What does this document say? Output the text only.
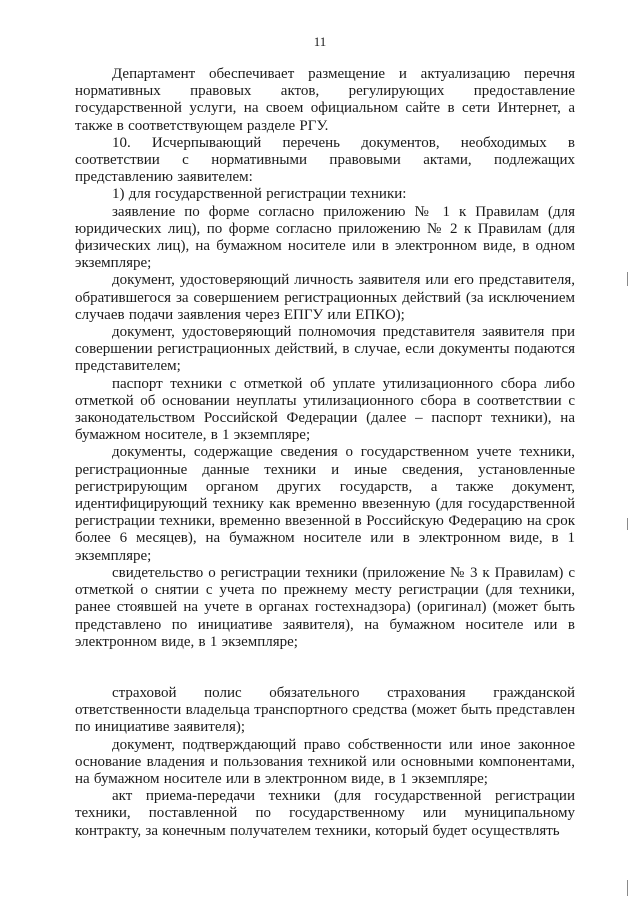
11

Департамент обеспечивает размещение и актуализацию перечня нормативных правовых актов, регулирующих предоставление государственной услуги, на своем официальном сайте в сети Интернет, а также в соответствующем разделе РГУ.

10. Исчерпывающий перечень документов, необходимых в соответствии с нормативными правовыми актами, подлежащих представлению заявителем:

1) для государственной регистрации техники:

заявление по форме согласно приложению № 1 к Правилам (для юридических лиц), по форме согласно приложению № 2 к Правилам (для физических лиц), на бумажном носителе или в электронном виде, в одном экземпляре;

документ, удостоверяющий личность заявителя или его представителя, обратившегося за совершением регистрационных действий (за исключением случаев подачи заявления через ЕПГУ или ЕПКО);

документ, удостоверяющий полномочия представителя заявителя при совершении регистрационных действий, в случае, если документы подаются представителем;

паспорт техники с отметкой об уплате утилизационного сбора либо отметкой об основании неуплаты утилизационного сбора в соответствии с законодательством Российской Федерации (далее – паспорт техники), на бумажном носителе, в 1 экземпляре;

документы, содержащие сведения о государственном учете техники, регистрационные данные техники и иные сведения, установленные регистрирующим органом других государств, а также документ, идентифицирующий технику как временно ввезенную (для государственной регистрации техники, временно ввезенной в Российскую Федерацию на срок более 6 месяцев), на бумажном носителе или в электронном виде, в 1 экземпляре;

свидетельство о регистрации техники (приложение № 3 к Правилам) с отметкой о снятии с учета по прежнему месту регистрации (для техники, ранее стоявшей на учете в органах гостехнадзора) (оригинал) (может быть представлено по инициативе заявителя), на бумажном носителе или в электронном виде, в 1 экземпляре;

страховой полис обязательного страхования гражданской ответственности владельца транспортного средства (может быть представлен по инициативе заявителя);

документ, подтверждающий право собственности или иное законное основание владения и пользования техникой или основными компонентами, на бумажном носителе или в электронном виде, в 1 экземпляре;

акт приема-передачи техники (для государственной регистрации техники, поставленной по государственному или муниципальному контракту, за конечным получателем техники, который будет осуществлять
